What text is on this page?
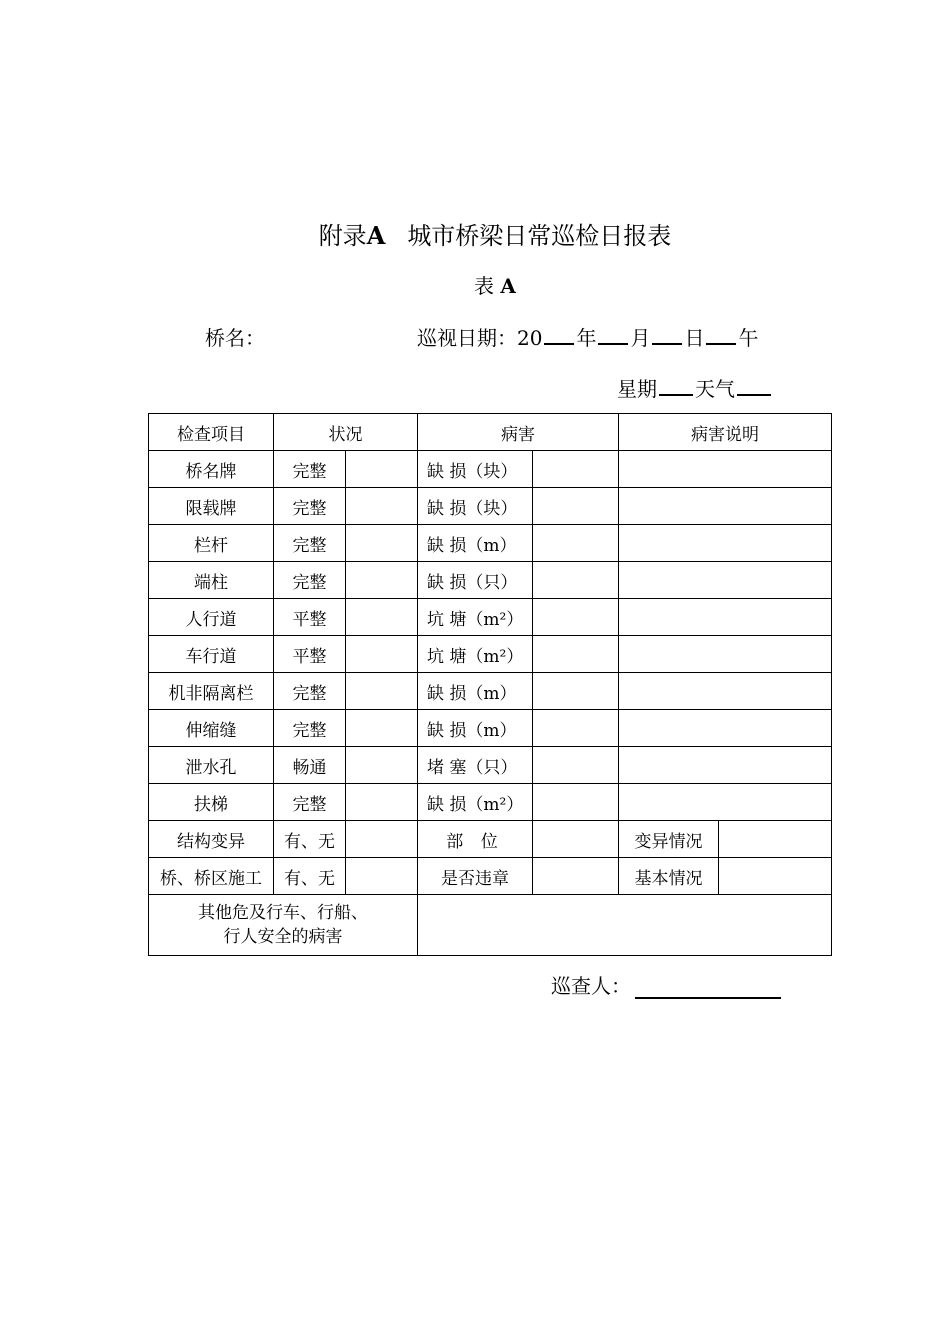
附录A 城市桥梁日常巡检日报表
表 A
桥名：	巡视日期：20 年 月 日 午
星期 天气
检查项目	状况		病害		病害说明	
桥名牌	完整		缺 损（块）			
限载牌	完整		缺 损（块）			
栏杆	完整		缺 损（m）			
端柱	完整		缺 损（只）			
人行道	平整		坑 塘（m²）			
车行道	平整		坑 塘（m²）			
机非隔离栏	完整		缺 损（m）			
伸缩缝	完整		缺 损（m）			
泄水孔	畅通		堵 塞（只）			
扶梯	完整		缺 损（m²）			
结构变异	有、无		部 位		变异情况	
桥、桥区施工	有、无		是否违章		基本情况	

其他危及行车、行船、
行人安全的病害						

巡查人：
